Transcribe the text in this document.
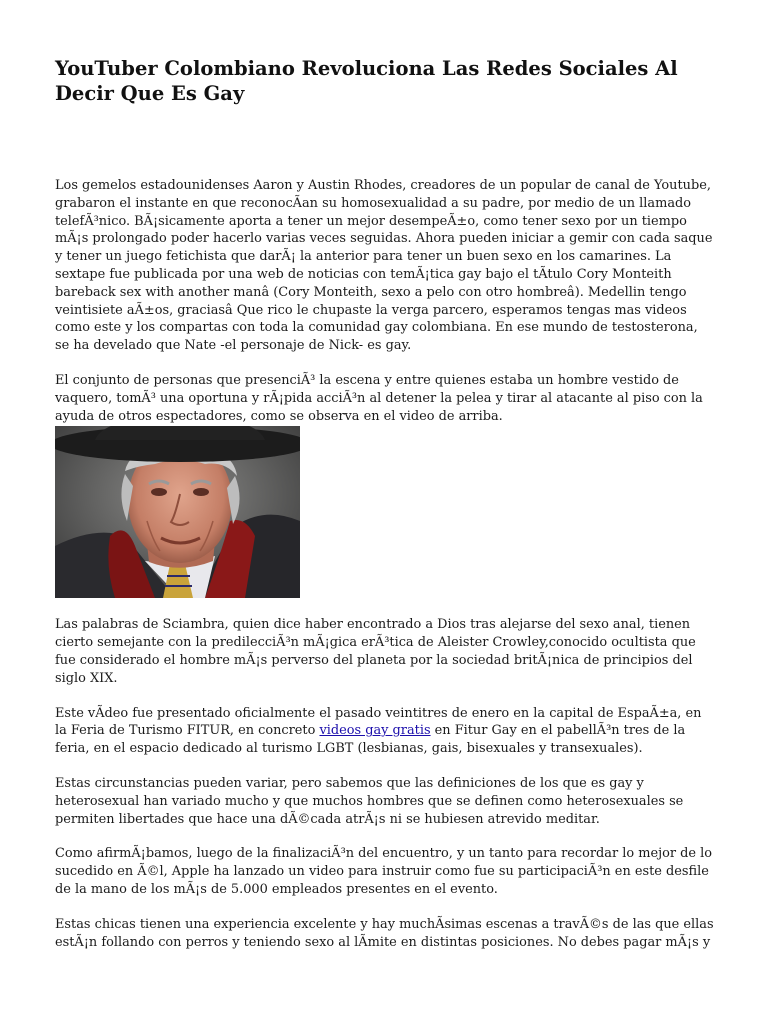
YouTuber Colombiano Revoluciona Las Redes Sociales Al Decir Que Es Gay

Los gemelos estadounidenses Aaron y Austin Rhodes, creadores de un popular de canal de Youtube, grabaron el instante en que reconocÃan su homosexualidad a su padre, por medio de un llamado telefÃ³nico. BÃ¡sicamente aporta a tener un mejor desempeÃ±o, como tener sexo por un tiempo mÃ¡s prolongado poder hacerlo varias veces seguidas. Ahora pueden iniciar a gemir con cada saque y tener un juego fetichista que darÃ¡ la anterior para tener un buen sexo en los camarines. La sextape fue publicada por una web de noticias con temÃ¡tica gay bajo el tÃtulo Cory Monteith bareback sex with another manâ (Cory Monteith, sexo a pelo con otro hombreâ). Medellin tengo veintisiete aÃ±os, graciasâ Que rico le chupaste la verga parcero, esperamos tengas mas videos como este y los compartas con toda la comunidad gay colombiana. En ese mundo de testosterona, se ha develado que Nate -el personaje de Nick- es gay.

El conjunto de personas que presenciÃ³ la escena y entre quienes estaba un hombre vestido de vaquero, tomÃ³ una oportuna y rÃ¡pida acciÃ³n al detener la pelea y tirar al atacante al piso con la ayuda de otros espectadores, como se observa en el video de arriba.

Las palabras de Sciambra, quien dice haber encontrado a Dios tras alejarse del sexo anal, tienen cierto semejante con la predilecciÃ³n mÃ¡gica erÃ³tica de Aleister Crowley,conocido ocultista que fue considerado el hombre mÃ¡s perverso del planeta por la sociedad britÃ¡nica de principios del siglo XIX.

Este vÃdeo fue presentado oficialmente el pasado veintitres de enero en la capital de EspaÃ±a, en la Feria de Turismo FITUR, en concreto videos gay gratis en Fitur Gay en el pabellÃ³n tres de la feria, en el espacio dedicado al turismo LGBT (lesbianas, gais, bisexuales y transexuales).

Estas circunstancias pueden variar, pero sabemos que las definiciones de los que es gay y heterosexual han variado mucho y que muchos hombres que se definen como heterosexuales se permiten libertades que hace una dÃ©cada atrÃ¡s ni se hubiesen atrevido meditar.

Como afirmÃ¡bamos, luego de la finalizaciÃ³n del encuentro, y un tanto para recordar lo mejor de lo sucedido en Ã©l, Apple ha lanzado un video para instruir como fue su participaciÃ³n en este desfile de la mano de los mÃ¡s de 5.000 empleados presentes en el evento.

Estas chicas tienen una experiencia excelente y hay muchÃsimas escenas a travÃ©s de las que ellas estÃ¡n follando con perros y teniendo sexo al lÃmite en distintas posiciones. No debes pagar mÃ¡s y
